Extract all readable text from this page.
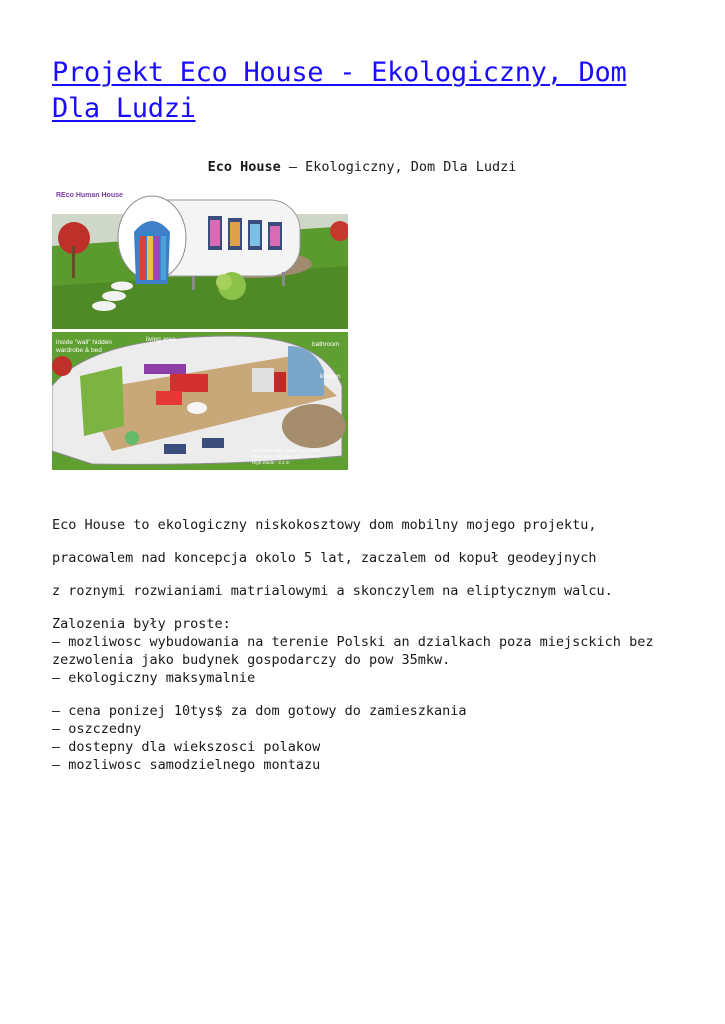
Projekt Eco House - Ekologiczny, Dom Dla Ludzi
Eco House – Ekologiczny, Dom Dla Ludzi
REco Human House
inside "wall" hidden
wardrobe & bed
living area
bathroom
kitchen
Solid materials - paper honeycomb
Floor area - 35 sqm (10m x 3.5m)
High inside - 3.1 m

Eco House to ekologiczny niskokosztowy dom mobilny mojego projektu,

pracowalem nad koncepcja okolo 5 lat, zaczalem od kopuł geodeyjnych

z roznymi rozwianiami matrialowymi a skonczylem na eliptycznym walcu.

Zalozenia były proste:
– mozliwosc wybudowania na terenie Polski an dzialkach poza miejsckich bez zezwolenia jako budynek gospodarczy do pow 35mkw.
– ekologiczny maksymalnie

– cena ponizej 10tys$ za dom gotowy do zamieszkania
– oszczedny
– dostepny dla wiekszosci polakow
– mozliwosc samodzielnego montazu
